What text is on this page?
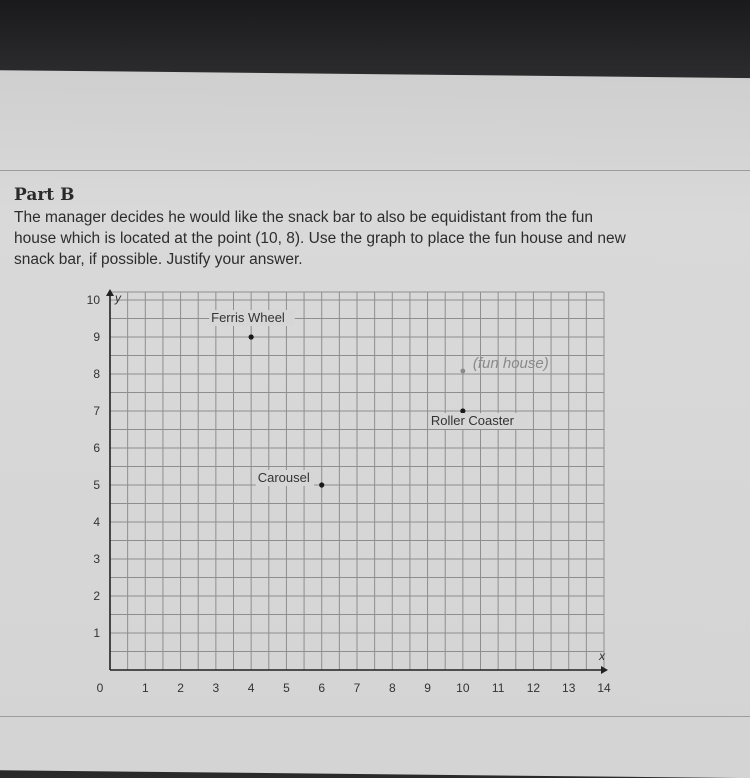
Part B

The manager decides he would like the snack bar to also be equidistant from the fun

house which is located at the point (10, 8). Use the graph to place the fun house and new

snack bar, if possible. Justify your answer.

x
y
0	1 2 3 4 5 6 7 8 9 10 11 12 13 14
1
2
3
4
5
6
7
8
9
10
Ferris Wheel
Roller Coaster
Carousel
(fun house)
